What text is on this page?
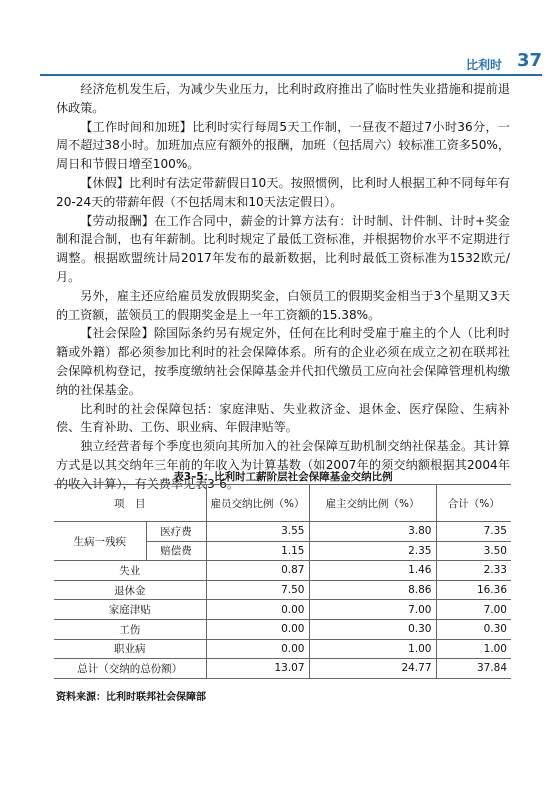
比利时 37

经济危机发生后，为减少失业压力，比利时政府推出了临时性失业措施和提前退休政策。

【工作时间和加班】比利时实行每周5天工作制，一昼夜不超过7小时36分，一周不超过38小时。加班加点应有额外的报酬，加班（包括周六）较标准工资多50%，周日和节假日增至100%。

【休假】比利时有法定带薪假日10天。按照惯例，比利时人根据工种不同每年有20-24天的带薪年假（不包括周末和10天法定假日）。

【劳动报酬】在工作合同中，薪金的计算方法有：计时制、计件制、计时+奖金制和混合制，也有年薪制。比利时规定了最低工资标准，并根据物价水平不定期进行调整。根据欧盟统计局2017年发布的最新数据，比利时最低工资标准为1532欧元/月。

另外，雇主还应给雇员发放假期奖金，白领员工的假期奖金相当于3个星期又3天的工资额，蓝领员工的假期奖金是上一年工资额的15.38%。

【社会保险】除国际条约另有规定外，任何在比利时受雇于雇主的个人（比利时籍或外籍）都必须参加比利时的社会保障体系。所有的企业必须在成立之初在联邦社会保障机构登记，按季度缴纳社会保障基金并代扣代缴员工应向社会保障管理机构缴纳的社保基金。

比利时的社会保障包括：家庭津贴、失业救济金、退休金、医疗保险、生病补偿、生育补助、工伤、职业病、年假津贴等。

独立经营者每个季度也须向其所加入的社会保障互助机制交纳社保基金。其计算方式是以其交纳年三年前的年收入为计算基数（如2007年的须交纳额根据其2004年的收入计算），有关费率见表3-6。

表3–5：比利时工薪阶层社会保障基金交纳比例
项　目		雇员交纳比例（%）	雇主交纳比例（%）	合计（%）
生病一残疾	医疗费	3.55	3.80	7.35
	赔偿费	1.15	2.35	3.50
失业		0.87	1.46	2.33
退休金		7.50	8.86	16.36
家庭津贴		0.00	7.00	7.00
工伤		0.00	0.30	0.30
职业病		0.00	1.00	1.00
总计（交纳的总份额）		13.07	24.77	37.84
资料来源：比利时联邦社会保障部
